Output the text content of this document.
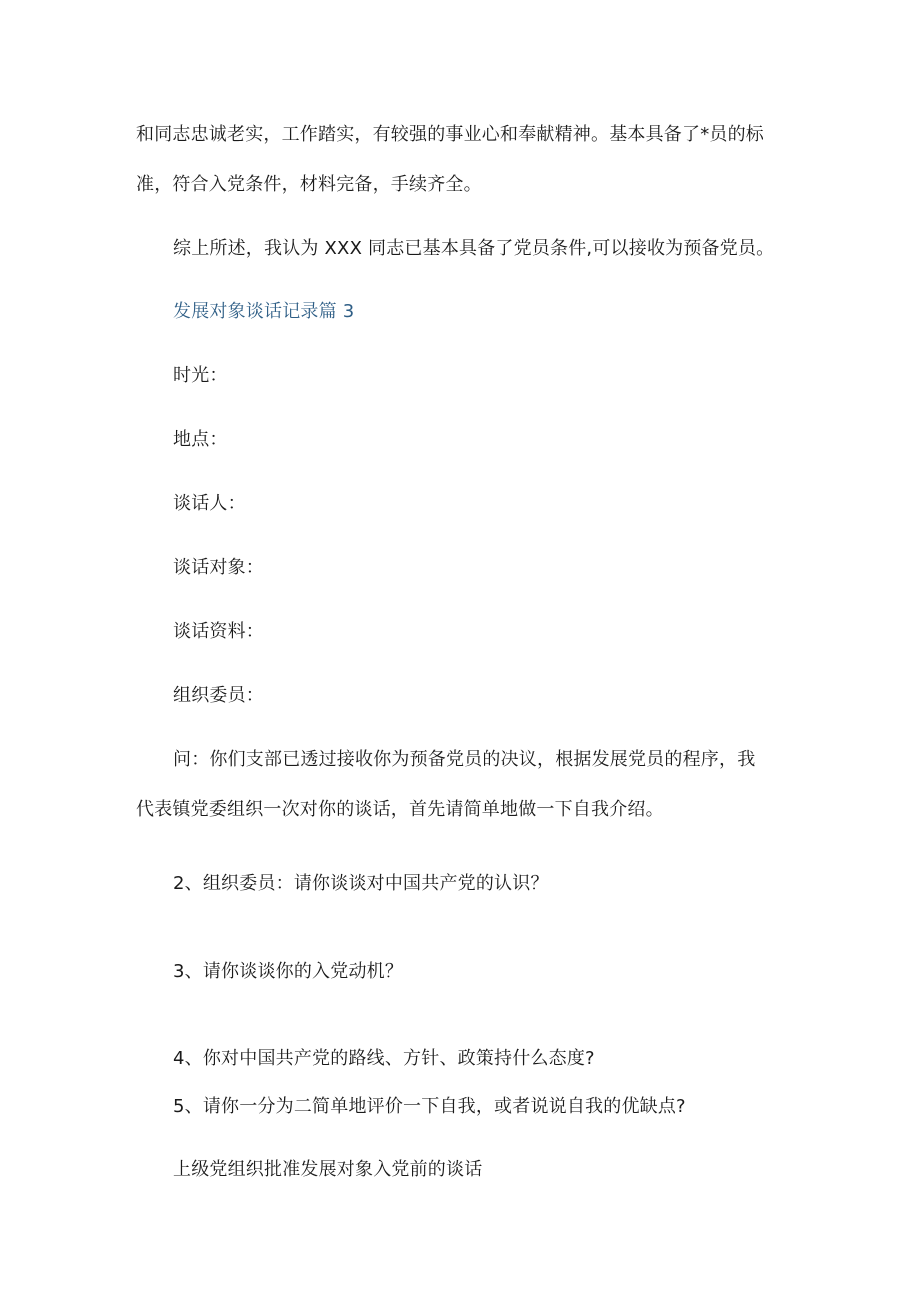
和同志忠诚老实，工作踏实，有较强的事业心和奉献精神。基本具备了*员的标
准，符合入党条件，材料完备，手续齐全。
综上所述，我认为 XXX 同志已基本具备了党员条件,可以接收为预备党员。
发展对象谈话记录篇 3
时光：
地点：
谈话人：
谈话对象：
谈话资料：
组织委员：
问：你们支部已透过接收你为预备党员的决议，根据发展党员的程序，我
代表镇党委组织一次对你的谈话，首先请简单地做一下自我介绍。
2、组织委员：请你谈谈对中国共产党的认识？
3、请你谈谈你的入党动机？
4、你对中国共产党的路线、方针、政策持什么态度?
5、请你一分为二简单地评价一下自我，或者说说自我的优缺点?
上级党组织批准发展对象入党前的谈话
